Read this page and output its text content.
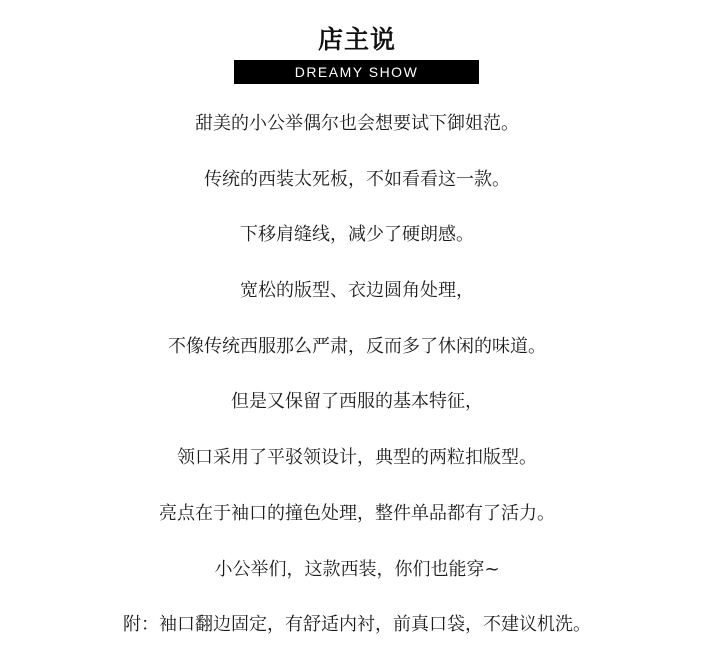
店主说
DREAMY SHOW
甜美的小公举偶尔也会想要试下御姐范。
传统的西装太死板，不如看看这一款。
下移肩缝线，减少了硬朗感。
宽松的版型、衣边圆角处理，
不像传统西服那么严肃，反而多了休闲的味道。
但是又保留了西服的基本特征，
领口采用了平驳领设计，典型的两粒扣版型。
亮点在于袖口的撞色处理，整件单品都有了活力。
小公举们，这款西装，你们也能穿~
附：袖口翻边固定，有舒适内衬，前真口袋，不建议机洗。
